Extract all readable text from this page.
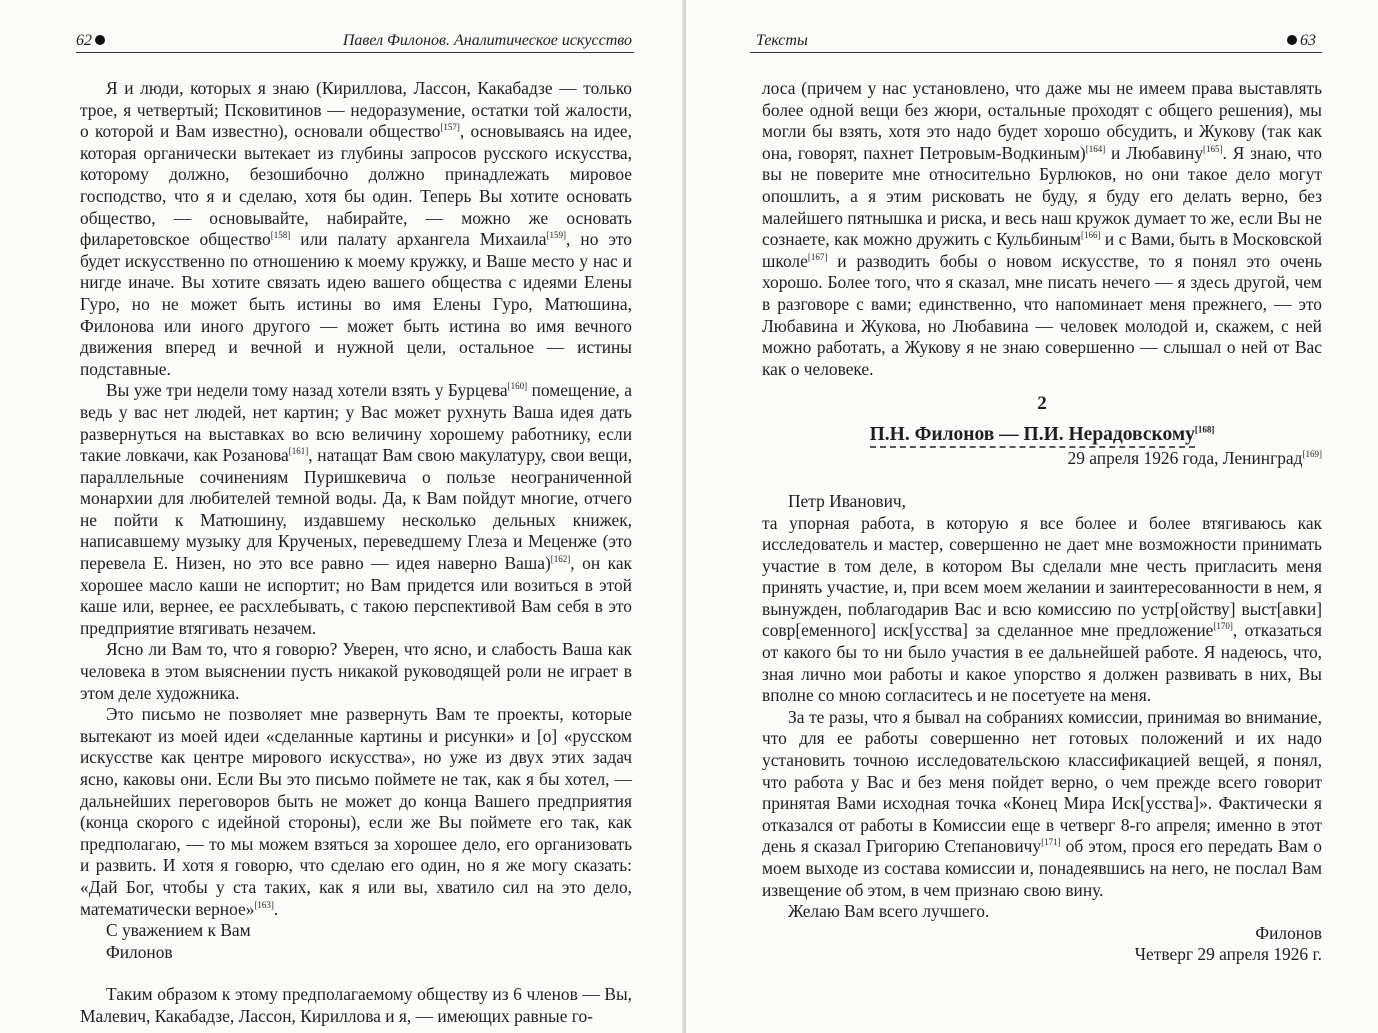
62	Павел Филонов. Аналитическое искусство

Я и люди, которых я знаю (Кириллова, Лассон, Какабадзе — только трое, я четвертый; Псковитинов — недоразумение, остатки той жалости, о которой и Вам известно), основали общество[157], основываясь на идее, которая органически вытекает из глубины запросов русского искусства, которому должно, безошибочно должно принадлежать мировое господство, что я и сделаю, хотя бы один. Теперь Вы хотите основать общество, — основывайте, набирайте, — можно же основать филаретовское общество[158] или палату архангела Михаила[159], но это будет искусственно по отношению к моему кружку, и Ваше место у нас и нигде иначе. Вы хотите связать идею вашего общества с идеями Елены Гуро, но не может быть истины во имя Елены Гуро, Матюшина, Филонова или иного другого — может быть истина во имя вечного движения вперед и вечной и нужной цели, остальное — истины подставные.

Вы уже три недели тому назад хотели взять у Бурцева[160] помещение, а ведь у вас нет людей, нет картин; у Вас может рухнуть Ваша идея дать развернуться на выставках во всю величину хорошему работнику, если такие ловкачи, как Розанова[161], натащат Вам свою макулатуру, свои вещи, параллельные сочинениям Пуришкевича о пользе неограниченной монархии для любителей темной воды. Да, к Вам пойдут многие, отчего не пойти к Матюшину, издавшему несколько дельных книжек, написавшему музыку для Крученых, переведшему Глеза и Меценже (это перевела Е. Низен, но это все равно — идея наверно Ваша)[162], он как хорошее масло каши не испортит; но Вам придется или возиться в этой каше или, вернее, ее расхлебывать, с такою перспективой Вам себя в это предприятие втягивать незачем.

Ясно ли Вам то, что я говорю? Уверен, что ясно, и слабость Ваша как человека в этом выяснении пусть никакой руководящей роли не играет в этом деле художника.

Это письмо не позволяет мне развернуть Вам те проекты, которые вытекают из моей идеи «сделанные картины и рисунки» и [о] «русском искусстве как центре мирового искусства», но уже из двух этих задач ясно, каковы они. Если Вы это письмо поймете не так, как я бы хотел, — дальнейших переговоров быть не может до конца Вашего предприятия (конца скорого с идейной стороны), если же Вы поймете его так, как предполагаю, — то мы можем взяться за хорошее дело, его организовать и развить. И хотя я говорю, что сделаю его один, но я же могу сказать: «Дай Бог, чтобы у ста таких, как я или вы, хватило сил на это дело, математически верное»[163].

С уважением к Вам

Филонов

Таким образом к этому предполагаемому обществу из 6 членов — Вы, Малевич, Какабадзе, Лассон, Кириллова и я, — имеющих равные го-

Тексты	63

лоса (причем у нас установлено, что даже мы не имеем права выставлять более одной вещи без жюри, остальные проходят с общего решения), мы могли бы взять, хотя это надо будет хорошо обсудить, и Жукову (так как она, говорят, пахнет Петровым-Водкиным)[164] и Любавину[165]. Я знаю, что вы не поверите мне относительно Бурлюков, но они такое дело могут опошлить, а я этим рисковать не буду, я буду его делать верно, без малейшего пятнышка и риска, и весь наш кружок думает то же, если Вы не сознаете, как можно дружить с Кульбиным[166] и с Вами, быть в Московской школе[167] и разводить бобы о новом искусстве, то я понял это очень хорошо. Более того, что я сказал, мне писать нечего — я здесь другой, чем в разговоре с вами; единственно, что напоминает меня прежнего, — это Любавина и Жукова, но Любавина — человек молодой и, скажем, с ней можно работать, а Жукову я не знаю совершенно — слышал о ней от Вас как о человеке.

2
П.Н. Филонов — П.И. Нерадовскому[168]

29 апреля 1926 года, Ленинград[169]

Петр Иванович,

та упорная работа, в которую я все более и более втягиваюсь как исследователь и мастер, совершенно не дает мне возможности принимать участие в том деле, в котором Вы сделали мне честь пригласить меня принять участие, и, при всем моем желании и заинтересованности в нем, я вынужден, поблагодарив Вас и всю комиссию по устр[ойству] выст[авки] совр[еменного] иск[усства] за сделанное мне предложение[170], отказаться от какого бы то ни было участия в ее дальнейшей работе. Я надеюсь, что, зная лично мои работы и какое упорство я должен развивать в них, Вы вполне со мною согласитесь и не посетуете на меня.

За те разы, что я бывал на собраниях комиссии, принимая во внимание, что для ее работы совершенно нет готовых положений и их надо установить точною исследовательскою классификацией вещей, я понял, что работа у Вас и без меня пойдет верно, о чем прежде всего говорит принятая Вами исходная точка «Конец Мира Иск[усства]». Фактически я отказался от работы в Комиссии еще в четверг 8-го апреля; именно в этот день я сказал Григорию Степановичу[171] об этом, прося его передать Вам о моем выходе из состава комиссии и, понадеявшись на него, не послал Вам извещение об этом, в чем признаю свою вину.

Желаю Вам всего лучшего.

Филонов

Четверг 29 апреля 1926 г.
